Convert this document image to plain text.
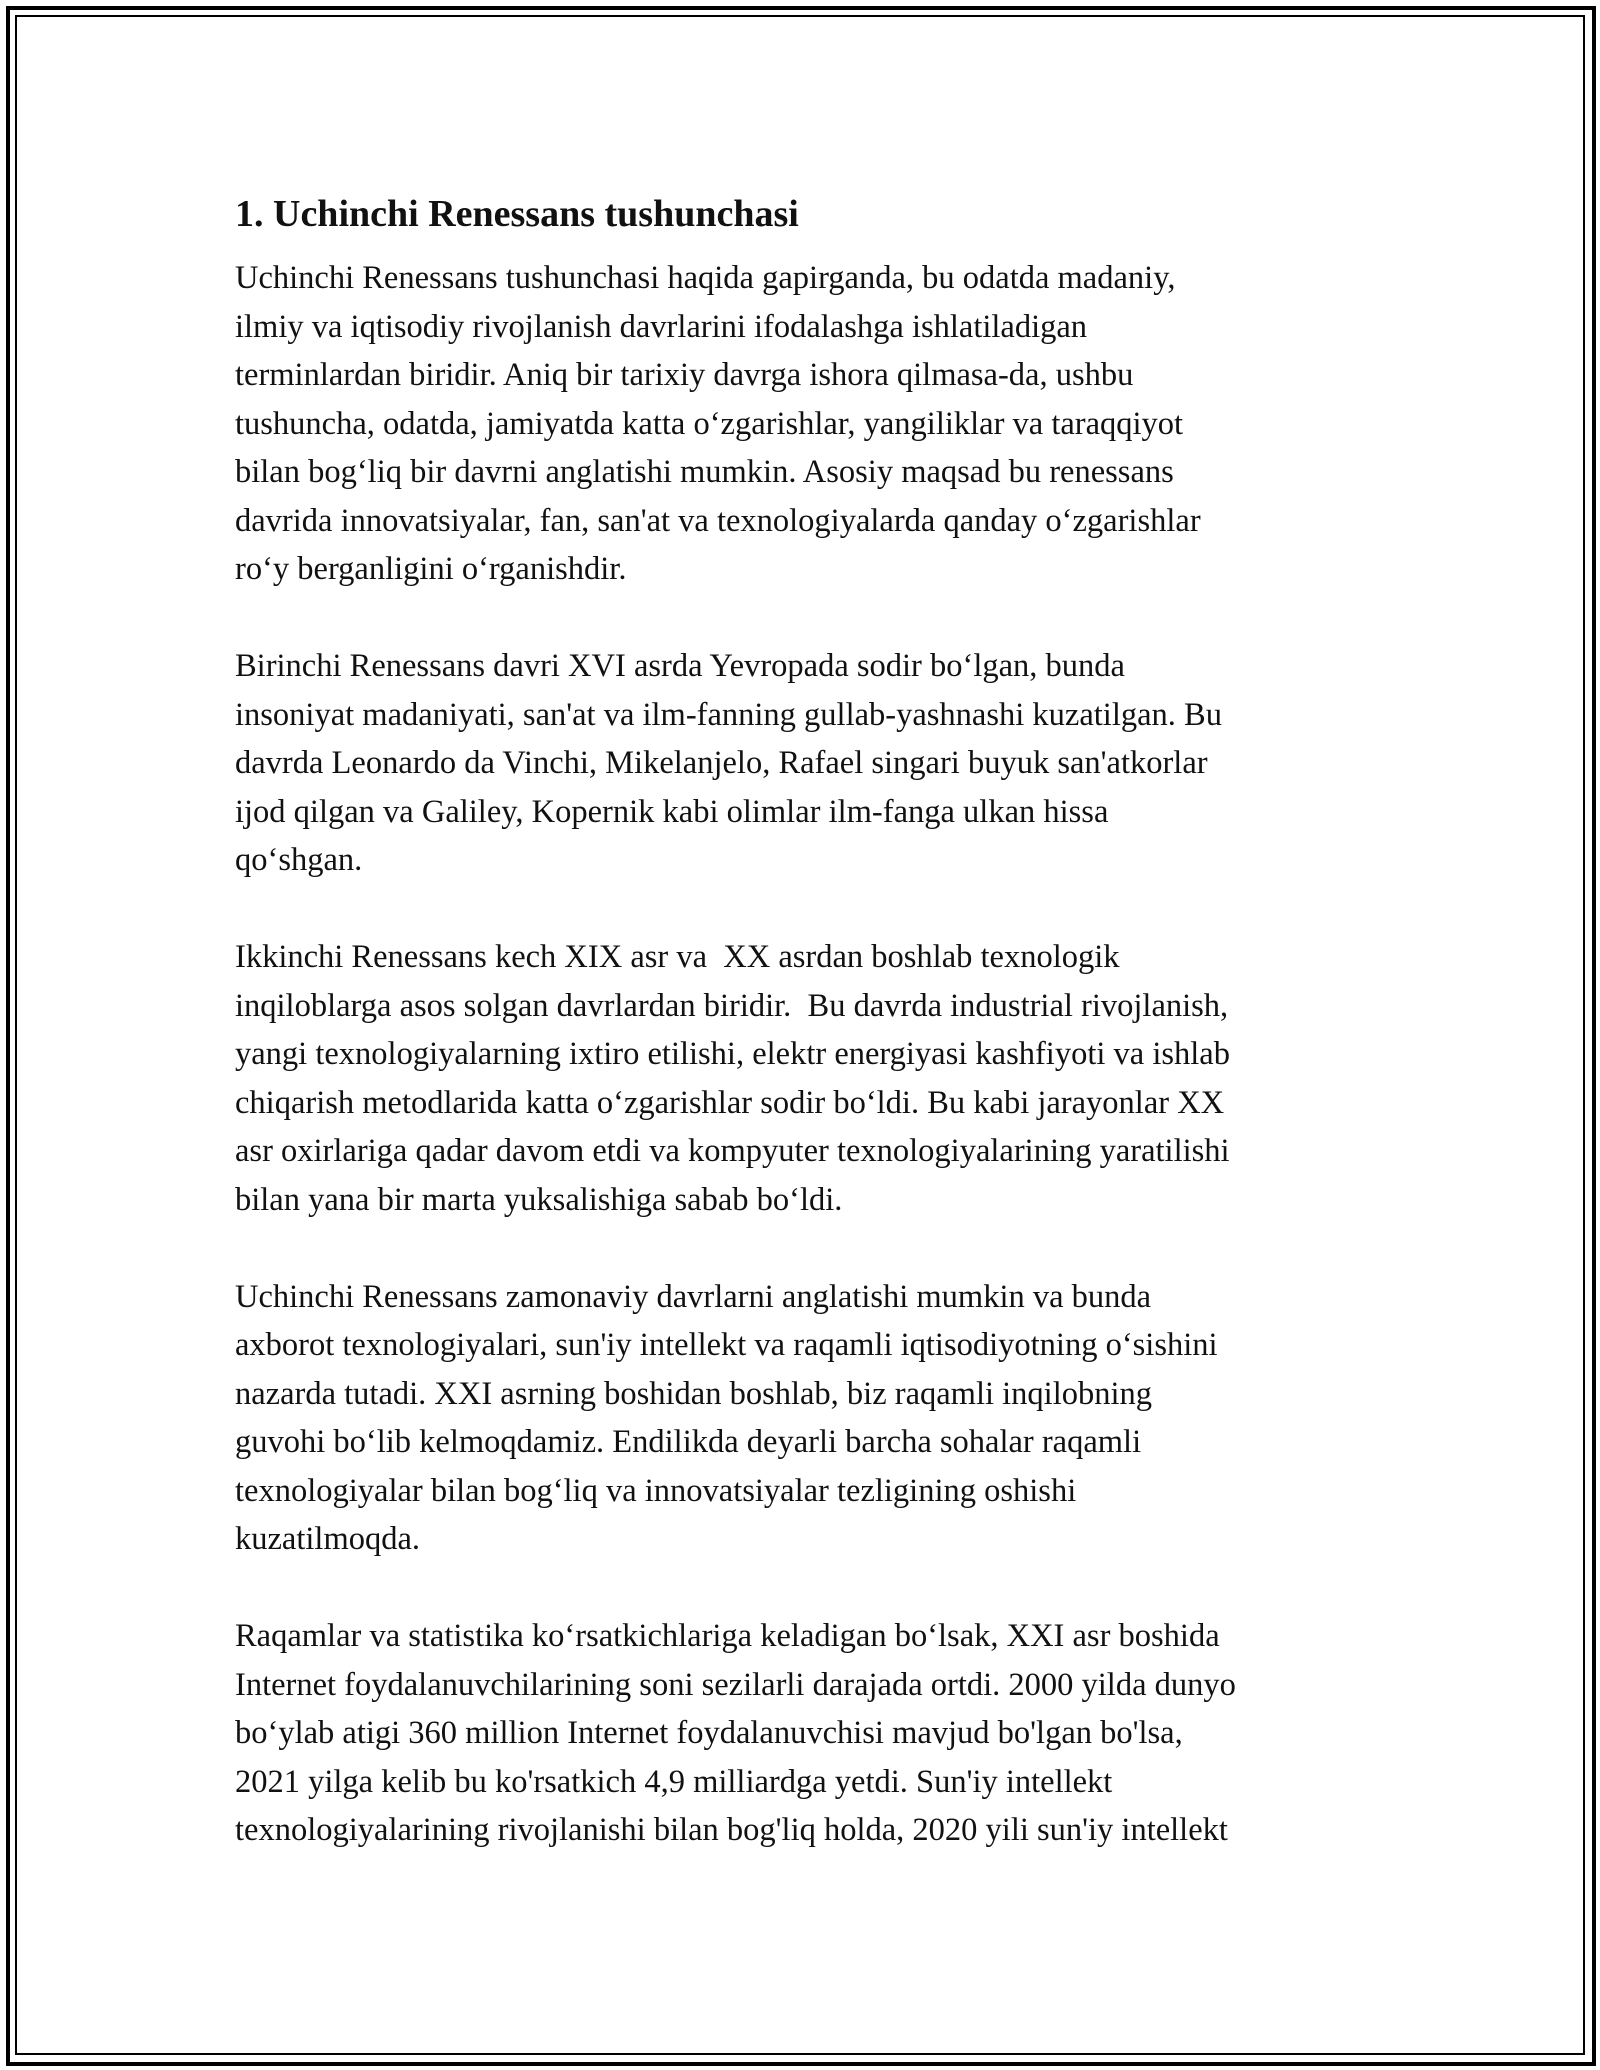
1. Uchinchi Renessans tushunchasi
Uchinchi Renessans tushunchasi haqida gapirganda, bu odatda madaniy,
ilmiy va iqtisodiy rivojlanish davrlarini ifodalashga ishlatiladigan
terminlardan biridir. Aniq bir tarixiy davrga ishora qilmasa-da, ushbu
tushuncha, odatda, jamiyatda katta o‘zgarishlar, yangiliklar va taraqqiyot
bilan bog‘liq bir davrni anglatishi mumkin. Asosiy maqsad bu renessans
davrida innovatsiyalar, fan, san'at va texnologiyalarda qanday o‘zgarishlar
ro‘y berganligini o‘rganishdir.
Birinchi Renessans davri XVI asrda Yevropada sodir bo‘lgan, bunda
insoniyat madaniyati, san'at va ilm-fanning gullab-yashnashi kuzatilgan. Bu
davrda Leonardo da Vinchi, Mikelanjelo, Rafael singari buyuk san'atkorlar
ijod qilgan va Galiley, Kopernik kabi olimlar ilm-fanga ulkan hissa
qo‘shgan.
Ikkinchi Renessans kech XIX asr va  XX asrdan boshlab texnologik
inqiloblarga asos solgan davrlardan biridir.  Bu davrda industrial rivojlanish,
yangi texnologiyalarning ixtiro etilishi, elektr energiyasi kashfiyoti va ishlab
chiqarish metodlarida katta o‘zgarishlar sodir bo‘ldi. Bu kabi jarayonlar XX
asr oxirlariga qadar davom etdi va kompyuter texnologiyalarining yaratilishi
bilan yana bir marta yuksalishiga sabab bo‘ldi.
Uchinchi Renessans zamonaviy davrlarni anglatishi mumkin va bunda
axborot texnologiyalari, sun'iy intellekt va raqamli iqtisodiyotning o‘sishini
nazarda tutadi. XXI asrning boshidan boshlab, biz raqamli inqilobning
guvohi bo‘lib kelmoqdamiz. Endilikda deyarli barcha sohalar raqamli
texnologiyalar bilan bog‘liq va innovatsiyalar tezligining oshishi
kuzatilmoqda.
Raqamlar va statistika ko‘rsatkichlariga keladigan bo‘lsak, XXI asr boshida
Internet foydalanuvchilarining soni sezilarli darajada ortdi. 2000 yilda dunyo
bo‘ylab atigi 360 million Internet foydalanuvchisi mavjud bo'lgan bo'lsa,
2021 yilga kelib bu ko'rsatkich 4,9 milliardga yetdi. Sun'iy intellekt
texnologiyalarining rivojlanishi bilan bog'liq holda, 2020 yili sun'iy intellekt
